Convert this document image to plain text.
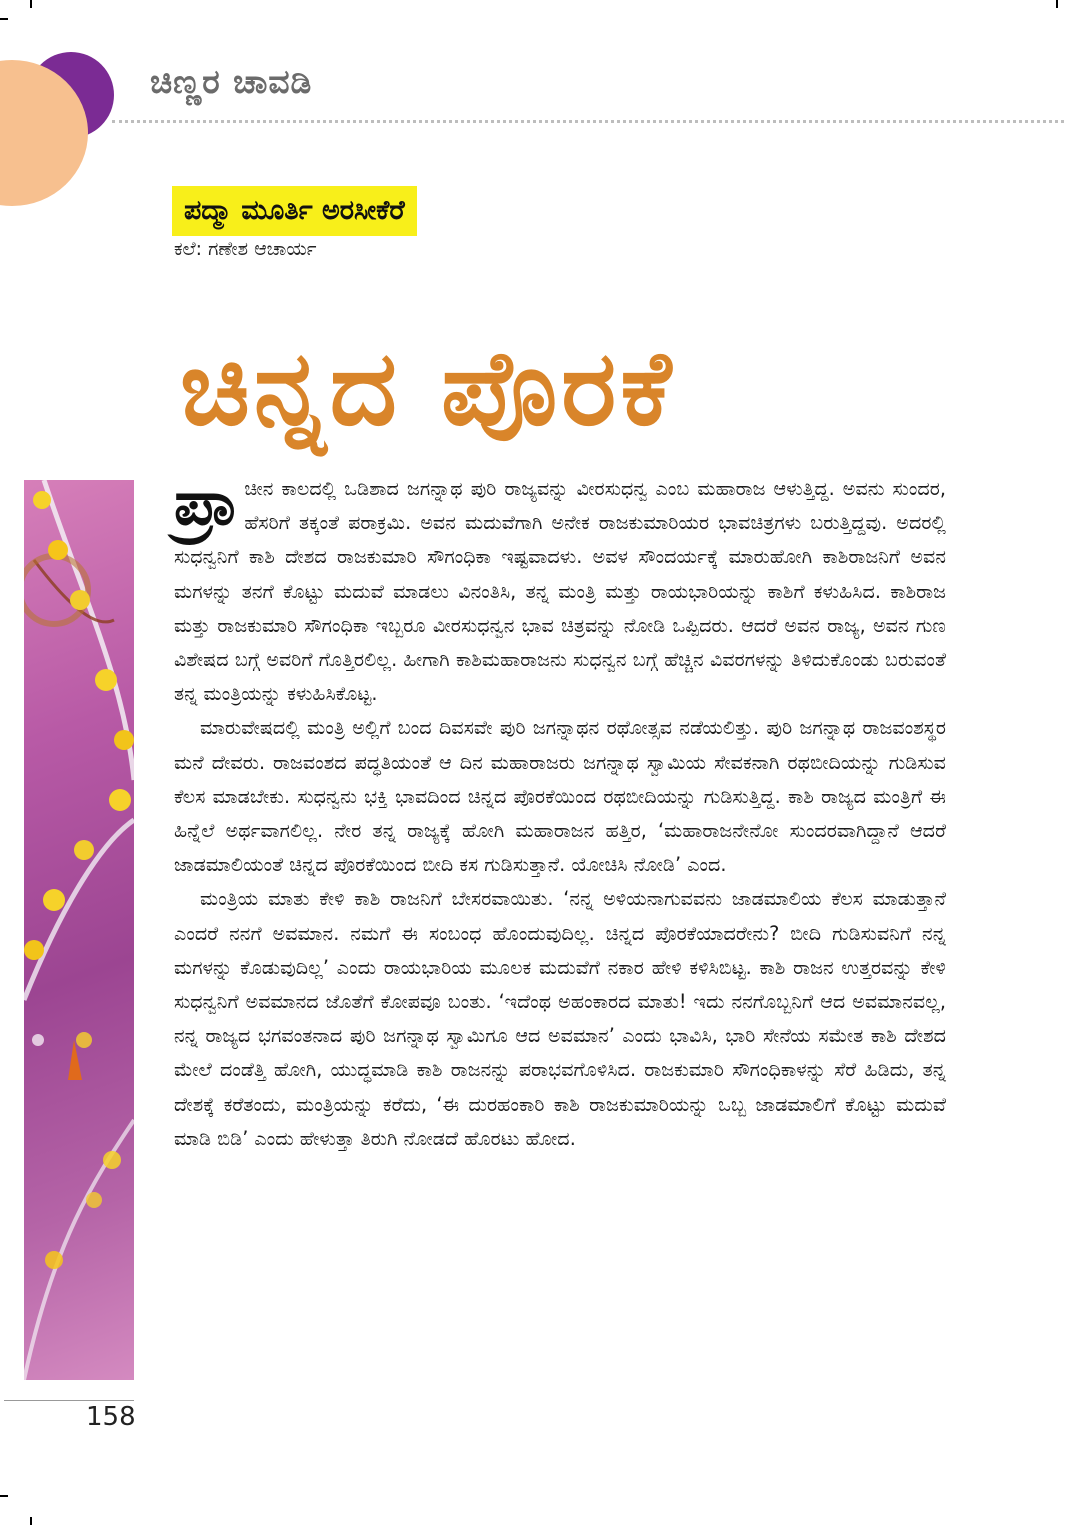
ಚಿಣ್ಣರ ಚಾವಡಿ
ಪದ್ಮಾ ಮೂರ್ತಿ ಅರಸೀಕೆರೆ
ಕಲೆ: ಗಣೇಶ ಆಚಾರ್ಯ
ಚಿನ್ನದ ಪೊರಕೆ

ಪ್ರಾ ಚೀನ ಕಾಲದಲ್ಲಿ ಒಡಿಶಾದ ಜಗನ್ನಾಥ ಪುರಿ ರಾಜ್ಯವನ್ನು ವೀರಸುಧನ್ವ ಎಂಬ ಮಹಾರಾಜ ಆಳುತ್ತಿದ್ದ. ಅವನು ಸುಂದರ, ಹೆಸರಿಗೆ ತಕ್ಕಂತೆ ಪರಾಕ್ರಮಿ. ಅವನ ಮದುವೆಗಾಗಿ ಅನೇಕ ರಾಜಕುಮಾರಿಯರ ಭಾವಚಿತ್ರಗಳು ಬರುತ್ತಿದ್ದವು. ಅದರಲ್ಲಿ ಸುಧನ್ವನಿಗೆ ಕಾಶಿ ದೇಶದ ರಾಜಕುಮಾರಿ ಸೌಗಂಧಿಕಾ ಇಷ್ಟವಾದಳು. ಅವಳ ಸೌಂದರ್ಯಕ್ಕೆ ಮಾರುಹೋಗಿ ಕಾಶಿರಾಜನಿಗೆ ಅವನ ಮಗಳನ್ನು ತನಗೆ ಕೊಟ್ಟು ಮದುವೆ ಮಾಡಲು ವಿನಂತಿಸಿ, ತನ್ನ ಮಂತ್ರಿ ಮತ್ತು ರಾಯಭಾರಿಯನ್ನು ಕಾಶಿಗೆ ಕಳುಹಿಸಿದ. ಕಾಶಿರಾಜ ಮತ್ತು ರಾಜಕುಮಾರಿ ಸೌಗಂಧಿಕಾ ಇಬ್ಬರೂ ವೀರಸುಧನ್ವನ ಭಾವ ಚಿತ್ರವನ್ನು ನೋಡಿ ಒಪ್ಪಿದರು. ಆದರೆ ಅವನ ರಾಜ್ಯ, ಅವನ ಗುಣ ವಿಶೇಷದ ಬಗ್ಗೆ ಅವರಿಗೆ ಗೊತ್ತಿರಲಿಲ್ಲ. ಹೀಗಾಗಿ ಕಾಶಿಮಹಾರಾಜನು ಸುಧನ್ವನ ಬಗ್ಗೆ ಹೆಚ್ಚಿನ ವಿವರಗಳನ್ನು ತಿಳಿದುಕೊಂಡು ಬರುವಂತೆ ತನ್ನ ಮಂತ್ರಿಯನ್ನು ಕಳುಹಿಸಿಕೊಟ್ಟ.

ಮಾರುವೇಷದಲ್ಲಿ ಮಂತ್ರಿ ಅಲ್ಲಿಗೆ ಬಂದ ದಿವಸವೇ ಪುರಿ ಜಗನ್ನಾಥನ ರಥೋತ್ಸವ ನಡೆಯಲಿತ್ತು. ಪುರಿ ಜಗನ್ನಾಥ ರಾಜವಂಶಸ್ಥರ ಮನೆ ದೇವರು. ರಾಜವಂಶದ ಪದ್ಧತಿಯಂತೆ ಆ ದಿನ ಮಹಾರಾಜರು ಜಗನ್ನಾಥ ಸ್ವಾಮಿಯ ಸೇವಕನಾಗಿ ರಥಬೀದಿಯನ್ನು ಗುಡಿಸುವ ಕೆಲಸ ಮಾಡಬೇಕು. ಸುಧನ್ವನು ಭಕ್ತಿ ಭಾವದಿಂದ ಚಿನ್ನದ ಪೊರಕೆಯಿಂದ ರಥಬೀದಿಯನ್ನು ಗುಡಿಸುತ್ತಿದ್ದ. ಕಾಶಿ ರಾಜ್ಯದ ಮಂತ್ರಿಗೆ ಈ ಹಿನ್ನೆಲೆ ಅರ್ಥವಾಗಲಿಲ್ಲ. ನೇರ ತನ್ನ ರಾಜ್ಯಕ್ಕೆ ಹೋಗಿ ಮಹಾರಾಜನ ಹತ್ತಿರ, ‘ಮಹಾರಾಜನೇನೋ ಸುಂದರವಾಗಿದ್ದಾನೆ ಆದರೆ ಜಾಡಮಾಲಿಯಂತೆ ಚಿನ್ನದ ಪೊರಕೆಯಿಂದ ಬೀದಿ ಕಸ ಗುಡಿಸುತ್ತಾನೆ. ಯೋಚಿಸಿ ನೋಡಿ’ ಎಂದ.

ಮಂತ್ರಿಯ ಮಾತು ಕೇಳಿ ಕಾಶಿ ರಾಜನಿಗೆ ಬೇಸರವಾಯಿತು. ‘ನನ್ನ ಅಳಿಯನಾಗುವವನು ಜಾಡಮಾಲಿಯ ಕೆಲಸ ಮಾಡುತ್ತಾನೆ ಎಂದರೆ ನನಗೆ ಅವಮಾನ. ನಮಗೆ ಈ ಸಂಬಂಧ ಹೊಂದುವುದಿಲ್ಲ. ಚಿನ್ನದ ಪೊರಕೆಯಾದರೇನು? ಬೀದಿ ಗುಡಿಸುವನಿಗೆ ನನ್ನ ಮಗಳನ್ನು ಕೊಡುವುದಿಲ್ಲ’ ಎಂದು ರಾಯಭಾರಿಯ ಮೂಲಕ ಮದುವೆಗೆ ನಕಾರ ಹೇಳಿ ಕಳಿಸಿಬಿಟ್ಟ. ಕಾಶಿ ರಾಜನ ಉತ್ತರವನ್ನು ಕೇಳಿ ಸುಧನ್ವನಿಗೆ ಅವಮಾನದ ಜೊತೆಗೆ ಕೋಪವೂ ಬಂತು. ‘ಇದೆಂಥ ಅಹಂಕಾರದ ಮಾತು! ಇದು ನನಗೊಬ್ಬನಿಗೆ ಆದ ಅವಮಾನವಲ್ಲ, ನನ್ನ ರಾಜ್ಯದ ಭಗವಂತನಾದ ಪುರಿ ಜಗನ್ನಾಥ ಸ್ವಾಮಿಗೂ ಆದ ಅವಮಾನ’ ಎಂದು ಭಾವಿಸಿ, ಭಾರಿ ಸೇನೆಯ ಸಮೇತ ಕಾಶಿ ದೇಶದ ಮೇಲೆ ದಂಡೆತ್ತಿ ಹೋಗಿ, ಯುದ್ಧಮಾಡಿ ಕಾಶಿ ರಾಜನನ್ನು ಪರಾಭವಗೊಳಿಸಿದ. ರಾಜಕುಮಾರಿ ಸೌಗಂಧಿಕಾಳನ್ನು ಸೆರೆ ಹಿಡಿದು, ತನ್ನ ದೇಶಕ್ಕೆ ಕರೆತಂದು, ಮಂತ್ರಿಯನ್ನು ಕರೆದು, ‘ಈ ದುರಹಂಕಾರಿ ಕಾಶಿ ರಾಜಕುಮಾರಿಯನ್ನು ಒಬ್ಬ ಜಾಡಮಾಲಿಗೆ ಕೊಟ್ಟು ಮದುವೆ ಮಾಡಿ ಬಿಡಿ’ ಎಂದು ಹೇಳುತ್ತಾ ತಿರುಗಿ ನೋಡದೆ ಹೊರಟು ಹೋದ.

158
